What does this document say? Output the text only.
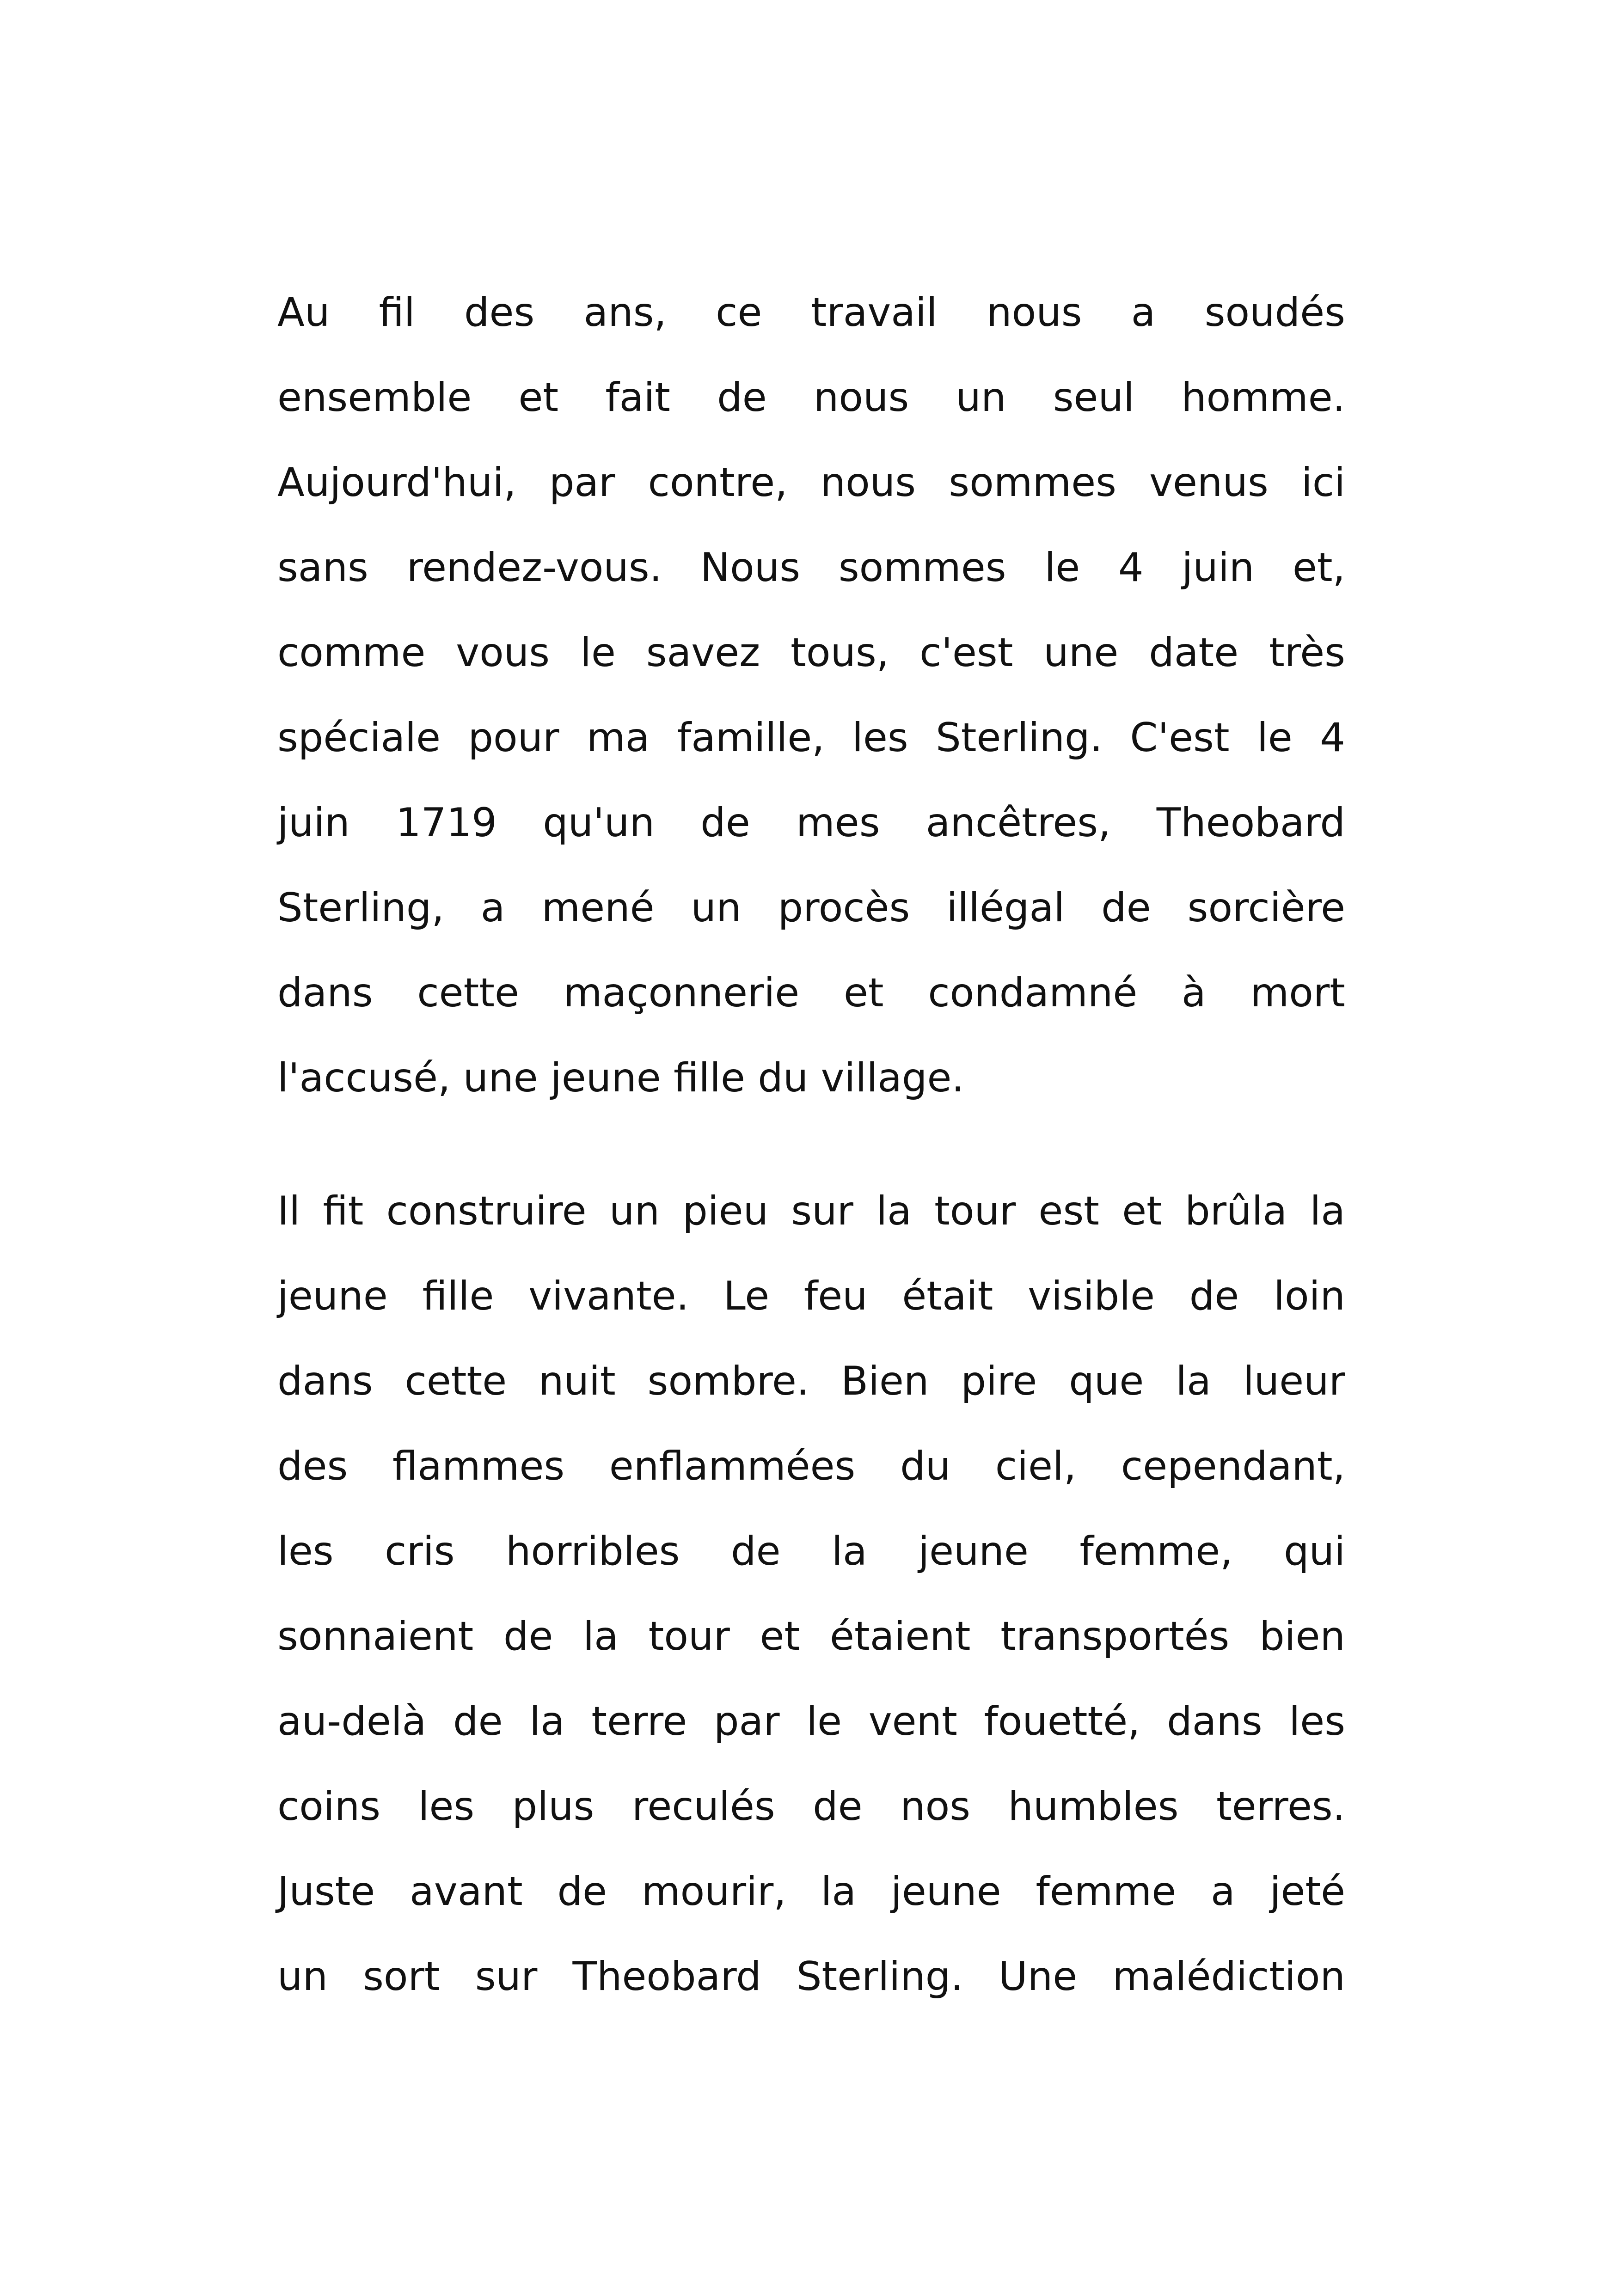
Au fil des ans, ce travail nous a soudés
ensemble et fait de nous un seul homme.
Aujourd'hui, par contre, nous sommes venus ici
sans rendez-vous. Nous sommes le 4 juin et,
comme vous le savez tous, c'est une date très
spéciale pour ma famille, les Sterling. C'est le 4
juin 1719 qu'un de mes ancêtres, Theobard
Sterling, a mené un procès illégal de sorcière
dans cette maçonnerie et condamné à mort
l'accusé, une jeune fille du village.
Il fit construire un pieu sur la tour est et brûla la
jeune fille vivante. Le feu était visible de loin
dans cette nuit sombre. Bien pire que la lueur
des flammes enflammées du ciel, cependant,
les cris horribles de la jeune femme, qui
sonnaient de la tour et étaient transportés bien
au-delà de la terre par le vent fouetté, dans les
coins les plus reculés de nos humbles terres.
Juste avant de mourir, la jeune femme a jeté
un sort sur Theobard Sterling. Une malédiction
